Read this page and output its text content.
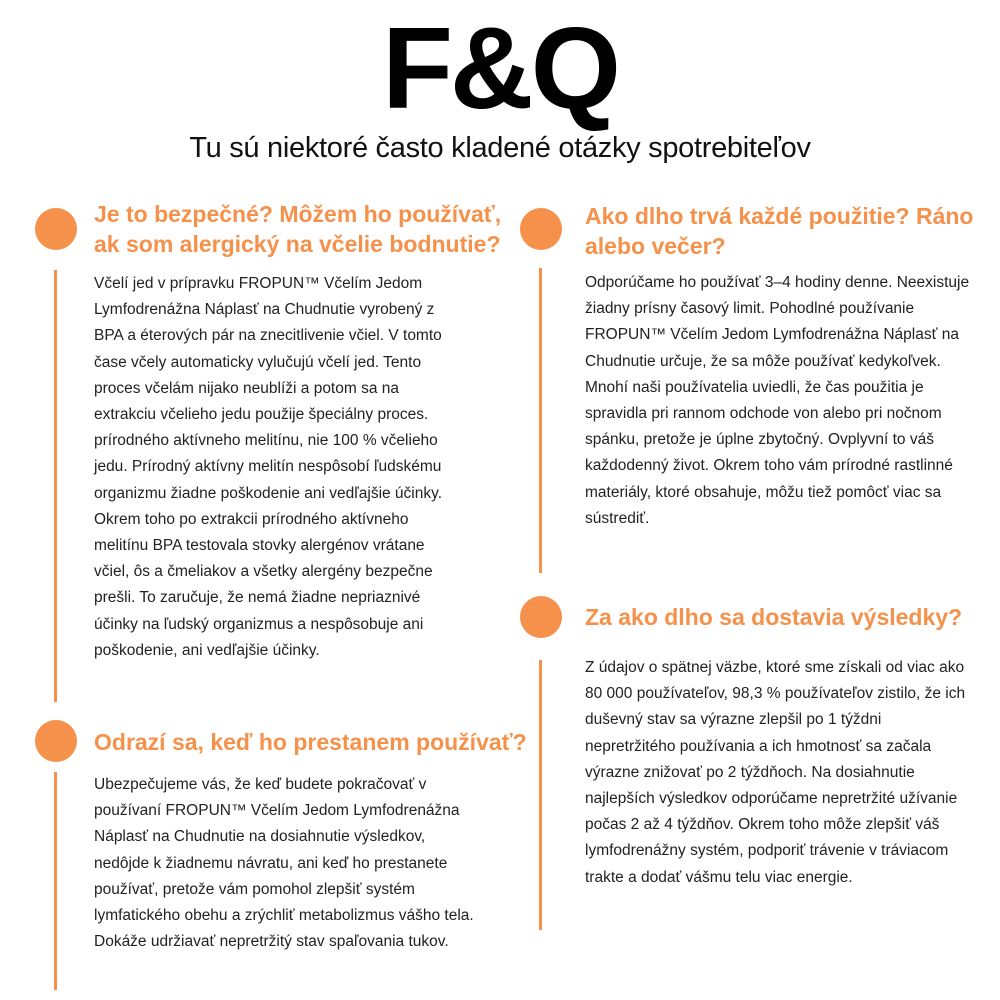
F&Q
Tu sú niektoré často kladené otázky spotrebiteľov
Je to bezpečné? Môžem ho používať, ak som alergický na včelie bodnutie?

Včelí jed v prípravku FROPUN™ Včelím Jedom Lymfodrenážna Náplasť na Chudnutie vyrobený z BPA a éterových pár na znecitlivenie včiel. V tomto čase včely automaticky vylučujú včelí jed. Tento proces včelám nijako neublíži a potom sa na extrakciu včelieho jedu použije špeciálny proces. prírodného aktívneho melitínu, nie 100 % včelieho jedu. Prírodný aktívny melitín nespôsobí ľudskému organizmu žiadne poškodenie ani vedľajšie účinky. Okrem toho po extrakcii prírodného aktívneho melitínu BPA testovala stovky alergénov vrátane včiel, ôs a čmeliakov a všetky alergény bezpečne prešli. To zaručuje, že nemá žiadne nepriaznivé účinky na ľudský organizmus a nespôsobuje ani poškodenie, ani vedľajšie účinky.

Ako dlho trvá každé použitie? Ráno alebo večer?

Odporúčame ho používať 3–4 hodiny denne. Neexistuje žiadny prísny časový limit. Pohodlné používanie FROPUN™ Včelím Jedom Lymfodrenážna Náplasť na Chudnutie určuje, že sa môže používať kedykoľvek. Mnohí naši používatelia uviedli, že čas použitia je spravidla pri rannom odchode von alebo pri nočnom spánku, pretože je úplne zbytočný. Ovplyvní to váš každodenný život. Okrem toho vám prírodné rastlinné materiály, ktoré obsahuje, môžu tiež pomôcť viac sa sústrediť.

Odrazí sa, keď ho prestanem používať?

Ubezpečujeme vás, že keď budete pokračovať v používaní FROPUN™ Včelím Jedom Lymfodrenážna Náplasť na Chudnutie na dosiahnutie výsledkov, nedôjde k žiadnemu návratu, ani keď ho prestanete používať, pretože vám pomohol zlepšiť systém lymfatického obehu a zrýchliť metabolizmus vášho tela. Dokáže udržiavať nepretržitý stav spaľovania tukov.

Za ako dlho sa dostavia výsledky?

Z údajov o spätnej väzbe, ktoré sme získali od viac ako 80 000 používateľov, 98,3 % používateľov zistilo, že ich duševný stav sa výrazne zlepšil po 1 týždni nepretržitého používania a ich hmotnosť sa začala výrazne znižovať po 2 týždňoch. Na dosiahnutie najlepších výsledkov odporúčame nepretržité užívanie počas 2 až 4 týždňov. Okrem toho môže zlepšiť váš lymfodrenážny systém, podporiť trávenie v tráviacom trakte a dodať vášmu telu viac energie.
